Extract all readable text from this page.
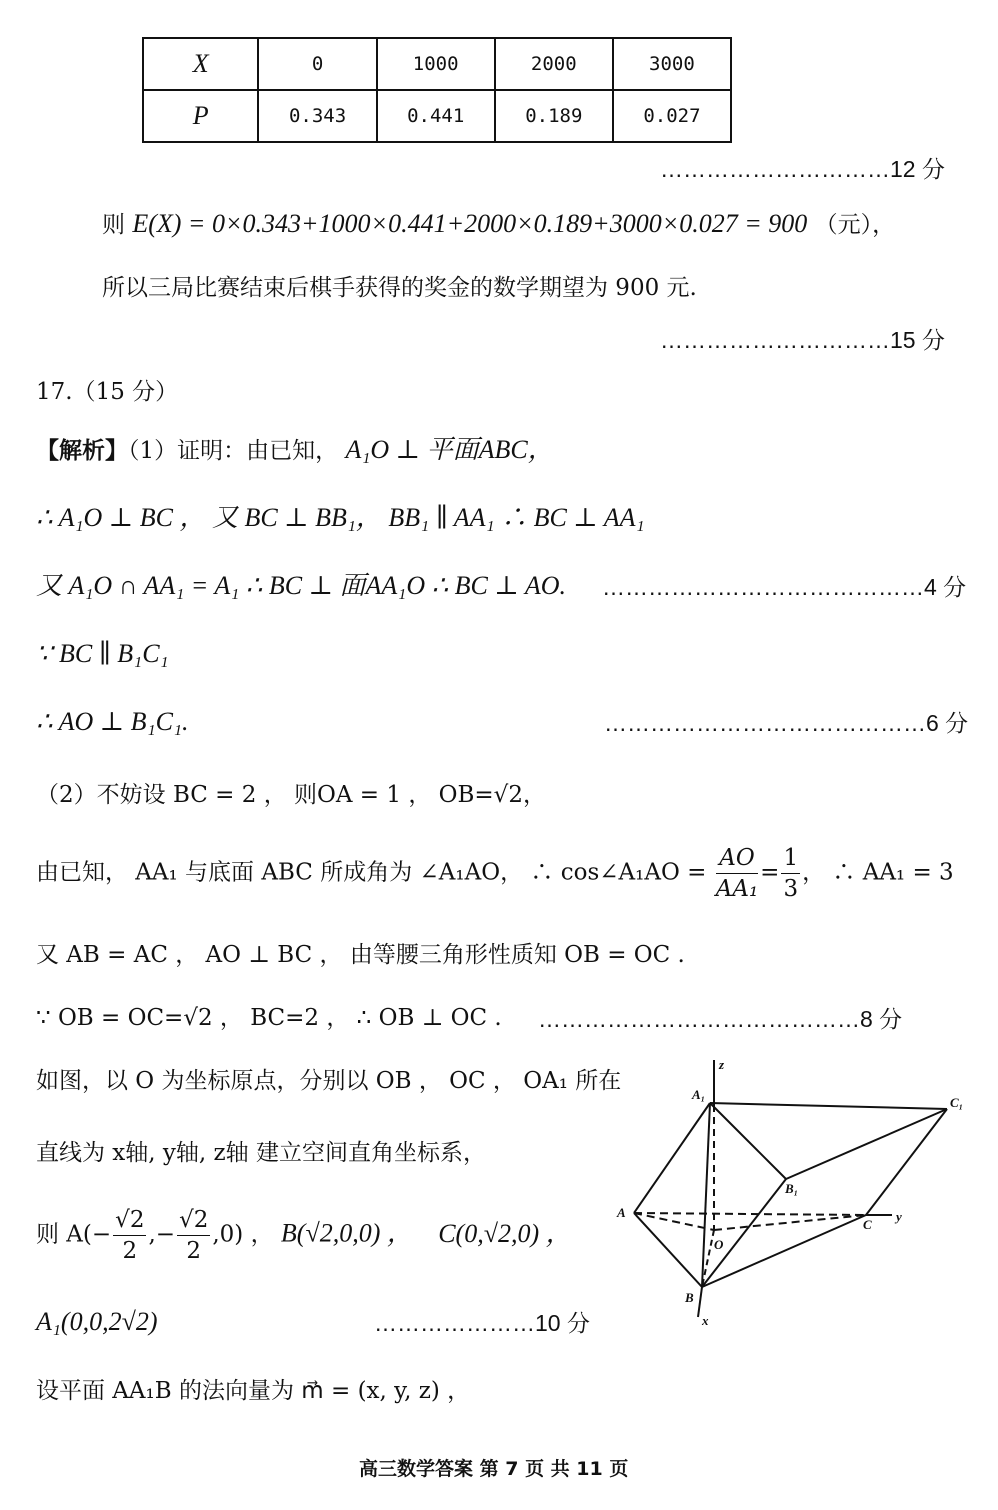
X	0	1000	2000	3000
P	0.343	0.441	0.189	0.027
…………………………12 分
则 E(X) = 0×0.343+1000×0.441+2000×0.189+3000×0.027 = 900 （元），
所以三局比赛结束后棋手获得的奖金的数学期望为 900 元.
…………………………15 分
17.（15 分）
【解析】（1）证明：由已知， A₁O ⊥ 平面ABC，
∴ A₁O ⊥ BC ， 又 BC ⊥ BB₁， BB₁ ∥ AA₁ ∴ BC ⊥ AA₁
又 A₁O ∩ AA₁ = A₁ ∴ BC ⊥ 面AA₁O ∴ BC ⊥ AO. ……………………………………4 分
∵ BC ∥ B₁C₁
∴ AO ⊥ B₁C₁.	……………………………………6 分
（2）不妨设 BC = 2 ， 则OA = 1 ， OB=√2，
由已知， AA₁ 与底面 ABC 所成角为 ∠A₁AO， ∴ cos∠A₁AO = $\frac{AO}{\text{AA₁}} = \frac{1}{3}$ ， ∴ AA₁ = 3
又 AB = AC ， AO ⊥ BC ， 由等腰三角形性质知 OB = OC .
∵ OB = OC=√2 ， BC=2 ， ∴ OB ⊥ OC . ……………………………………8 分
如图，以 O 为坐标原点，分别以 OB ， OC ， OA₁ 所在
直线为 x轴, y轴, z轴 建立空间直角坐标系，
则 $A(- \frac{√2}{2}$ ,− $\frac{√2}{2} ,0$) ， B(√2,0,0) ， C(0,√2,0) ，
A₁(0,0,2√2)	…………………10 分
设平面 AA₁B 的法向量为 m⃗ = (x, y, z) ，
z
A₁
C₁
B₁
A
O
C
y
B
x
高三数学答案 第 7 页 共 11 页
